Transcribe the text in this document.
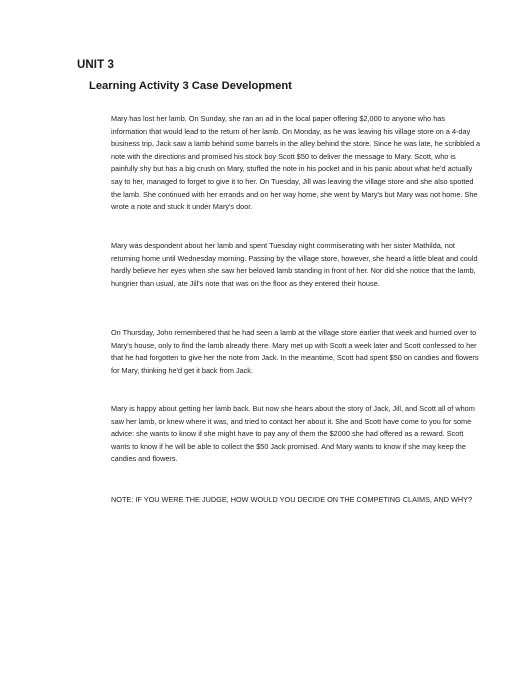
UNIT 3
Learning Activity 3 Case Development

Mary has lost her lamb. On Sunday, she ran an ad in the local paper offering $2,000 to anyone who has information that would lead to the return of her lamb. On Monday, as he was leaving his village store on a 4-day business trip, Jack saw a lamb behind some barrels in the alley behind the store. Since he was late, he scribbled a note with the directions and promised his stock boy Scott $50 to deliver the message to Mary. Scott, who is painfully shy but has a big crush on Mary, stuffed the note in his pocket and in his panic about what he'd actually say to her, managed to forget to give it to her. On Tuesday, Jill was leaving the village store and she also spotted the lamb. She continued with her errands and on her way home, she went by Mary's but Mary was not home. She wrote a note and stuck it under Mary's door.

Mary was despondent about her lamb and spent Tuesday night commiserating with her sister Mathilda, not returning home until Wednesday morning. Passing by the village store, however, she heard a little bleat and could hardly believe her eyes when she saw her beloved lamb standing in front of her. Nor did she notice that the lamb, hungrier than usual, ate Jill's note that was on the floor as they entered their house.

On Thursday, John remembered that he had seen a lamb at the village store earlier that week and hurried over to Mary's house, only to find the lamb already there. Mary met up with Scott a week later and Scott confessed to her that he had forgotten to give her the note from Jack. In the meantime, Scott had spent $50 on candies and flowers for Mary, thinking he'd get it back from Jack.

Mary is happy about getting her lamb back. But now she hears about the story of Jack, Jill, and Scott all of whom saw her lamb, or knew where it was, and tried to contact her about it. She and Scott have come to you for some advice: she wants to know if she might have to pay any of them the $2000 she had offered as a reward. Scott wants to know if he will be able to collect the $50 Jack promised. And Mary wants to know if she may keep the candies and flowers.

NOTE: IF YOU WERE THE JUDGE, HOW WOULD YOU DECIDE ON THE COMPETING CLAIMS, AND WHY?
